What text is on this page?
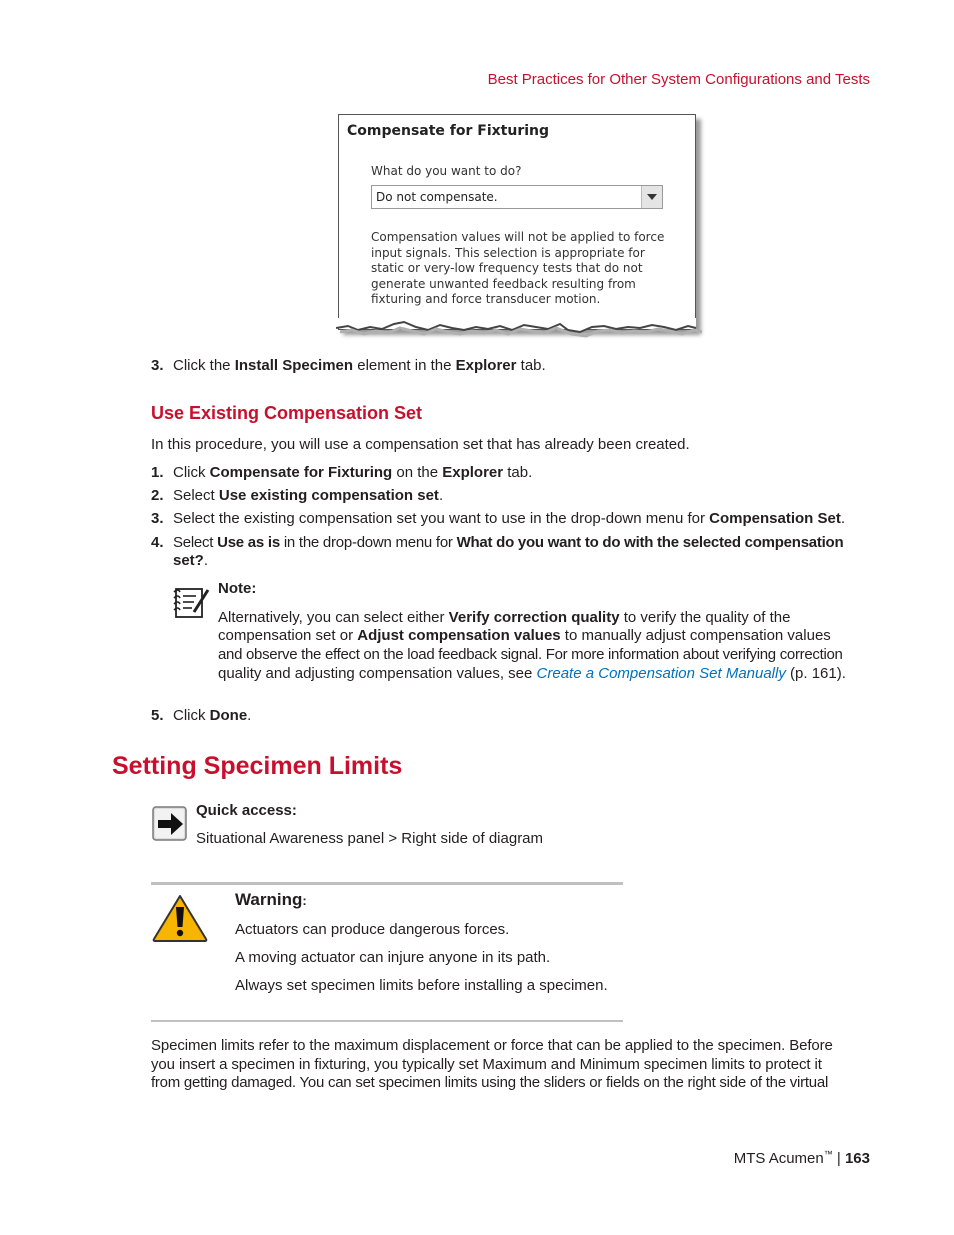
Best Practices for Other System Configurations and Tests
Compensate for Fixturing
What do you want to do?
Do not compensate.
Compensation values will not be applied to force
input signals. This selection is appropriate for
static or very-low frequency tests that do not
generate unwanted feedback resulting from
fixturing and force transducer motion.
3. Click the Install Specimen element in the Explorer tab.
Use Existing Compensation Set
In this procedure, you will use a compensation set that has already been created.
1. Click Compensate for Fixturing on the Explorer tab.
2. Select Use existing compensation set.
3. Select the existing compensation set you want to use in the drop-down menu for Compensation Set.
4. Select Use as is in the drop-down menu for What do you want to do with the selected compensation
set?.
Note:
Alternatively, you can select either Verify correction quality to verify the quality of the
compensation set or Adjust compensation values to manually adjust compensation values
and observe the effect on the load feedback signal. For more information about verifying correction
quality and adjusting compensation values, see Create a Compensation Set Manually (p. 161).
5. Click Done.
Setting Specimen Limits
Quick access:
Situational Awareness panel > Right side of diagram
Warning:
Actuators can produce dangerous forces.
A moving actuator can injure anyone in its path.
Always set specimen limits before installing a specimen.
Specimen limits refer to the maximum displacement or force that can be applied to the specimen. Before
you insert a specimen in fixturing, you typically set Maximum and Minimum specimen limits to protect it
from getting damaged. You can set specimen limits using the sliders or fields on the right side of the virtual
MTS Acumen™ | 163
